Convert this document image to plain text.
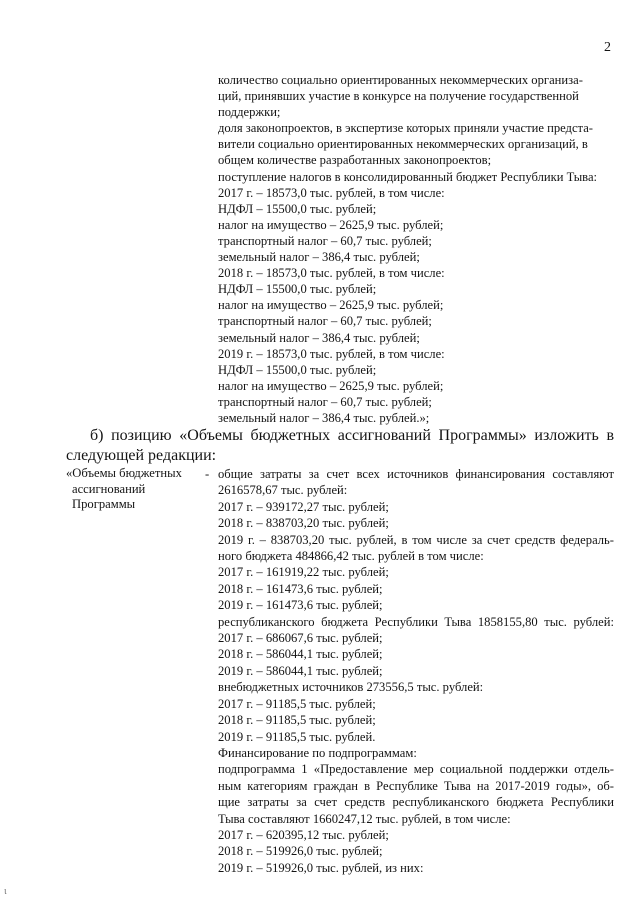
2
количество социально ориентированных некоммерческих организа-
ций, принявших участие в конкурсе на получение государственной
поддержки;
доля законопроектов, в экспертизе которых приняли участие предста-
вители социально ориентированных некоммерческих организаций, в
общем количестве разработанных законопроектов;
поступление налогов в консолидированный бюджет Республики Тыва:
2017 г. – 18573,0 тыс. рублей, в том числе:
НДФЛ – 15500,0 тыс. рублей;
налог на имущество – 2625,9 тыс. рублей;
транспортный налог – 60,7 тыс. рублей;
земельный налог – 386,4 тыс. рублей;
2018 г. – 18573,0 тыс. рублей, в том числе:
НДФЛ – 15500,0 тыс. рублей;
налог на имущество – 2625,9 тыс. рублей;
транспортный налог – 60,7 тыс. рублей;
земельный налог – 386,4 тыс. рублей;
2019 г. – 18573,0 тыс. рублей, в том числе:
НДФЛ – 15500,0 тыс. рублей;
налог на имущество – 2625,9 тыс. рублей;
транспортный налог – 60,7 тыс. рублей;
земельный налог – 386,4 тыс. рублей.»;
б) позицию «Объемы бюджетных ассигнований Программы» изложить в следующей редакции:
«Объемы бюджетных ассигнований Программы
- общие затраты за счет всех источников финансирования составляют
2616578,67 тыс. рублей:
2017 г. – 939172,27 тыс. рублей;
2018 г. – 838703,20 тыс. рублей;
2019 г. – 838703,20 тыс. рублей, в том числе за счет средств федераль-
ного бюджета 484866,42 тыс. рублей в том числе:
2017 г. – 161919,22 тыс. рублей;
2018 г. – 161473,6 тыс. рублей;
2019 г. – 161473,6 тыс. рублей;
республиканского бюджета Республики Тыва 1858155,80 тыс. рублей:
2017 г. – 686067,6 тыс. рублей;
2018 г. – 586044,1 тыс. рублей;
2019 г. – 586044,1 тыс. рублей;
внебюджетных источников 273556,5 тыс. рублей:
2017 г. – 91185,5 тыс. рублей;
2018 г. – 91185,5 тыс. рублей;
2019 г. – 91185,5 тыс. рублей.
Финансирование по подпрограммам:
подпрограмма 1 «Предоставление мер социальной поддержки отдель-
ным категориям граждан в Республике Тыва на 2017-2019 годы», об-
щие затраты за счет средств республиканского бюджета Республики
Тыва составляют 1660247,12 тыс. рублей, в том числе:
2017 г. – 620395,12 тыс. рублей;
2018 г. – 519926,0 тыс. рублей;
2019 г. – 519926,0 тыс. рублей, из них:
ɩ
